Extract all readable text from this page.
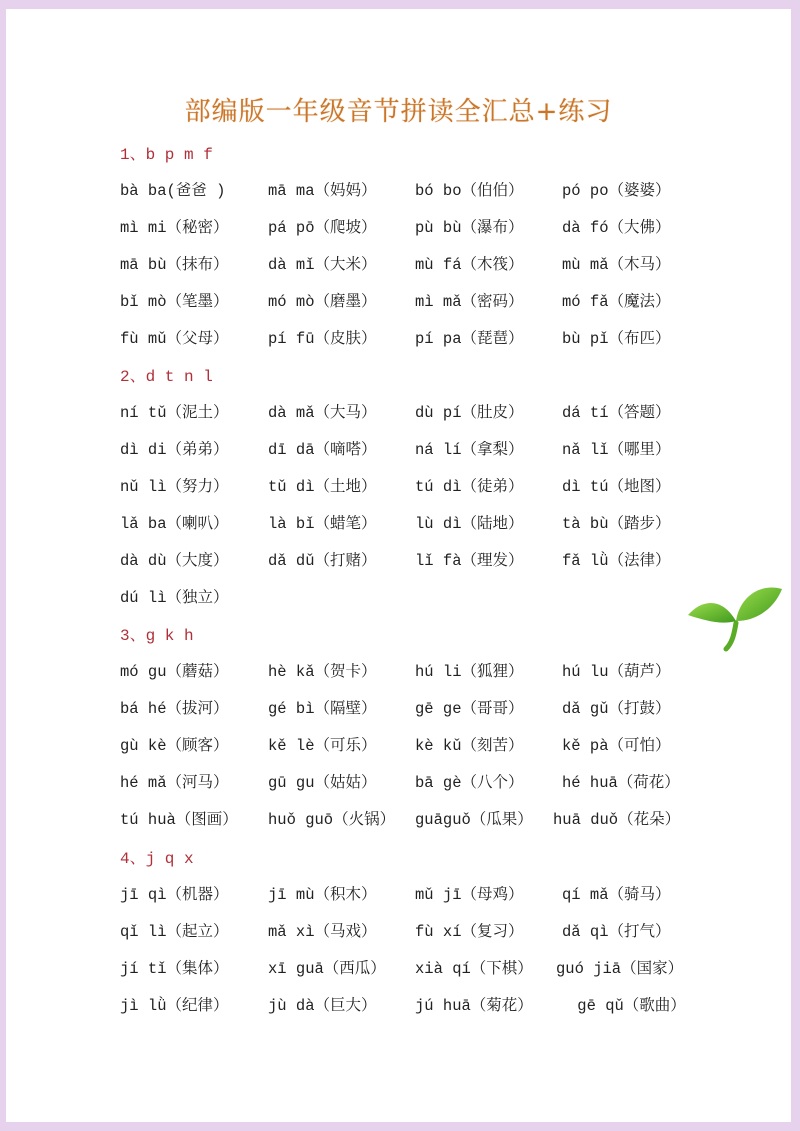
部编版一年级音节拼读全汇总+练习
1、b p m f
bà ba(爸爸 )	mā ma（妈妈） bó bo（伯伯） pó po（婆婆）
mì mi（秘密）	pá pō（爬坡） pù bù（瀑布） dà fó（大佛）
mā bù（抹布）	dà mǐ（大米） mù fá（木筏） mù mǎ（木马）
bǐ mò（笔墨）	mó mò（磨墨） mì mǎ（密码） mó fǎ（魔法）
fù mǔ（父母）	pí fū（皮肤） pí pa（琵琶） bù pǐ（布匹）
2、d t n l
ní tǔ（泥土）	dà mǎ（大马） dù pí（肚皮） dá tí（答题）
dì di（弟弟）	dī dā（嘀嗒） ná lí（拿梨） nǎ lǐ（哪里）
nǔ lì（努力）	tǔ dì（土地） tú dì（徒弟） dì tú（地图）
lǎ ba（喇叭）	là bǐ（蜡笔） lù dì（陆地） tà bù（踏步）
dà dù（大度）	dǎ dǔ（打赌） lǐ fà（理发） fǎ lǜ（法律）
dú lì（独立）
3、g k h
mó gu（蘑菇）	hè kǎ（贺卡） hú li（狐狸） hú lu（葫芦）
bá hé（拔河）	gé bì（隔壁） gē ge（哥哥） dǎ gǔ（打鼓）
gù kè（顾客）	kě lè（可乐） kè kǔ（刻苦） kě pà（可怕）
hé mǎ（河马）	gū gu（姑姑） bā gè（八个） hé huā（荷花）
tú huà（图画） huǒ guō（火锅） guāguǒ（瓜果） huā duǒ（花朵）
4、j q x
jī qì（机器）	jī mù（积木） mǔ jī（母鸡） qí mǎ（骑马）
qǐ lì（起立）	mǎ xì（马戏） fù xí（复习） dǎ qì（打气）
jí tǐ（集体）	xī guā（西瓜） xià qí（下棋） guó jiā（国家）
jì lǜ（纪律）	jù dà（巨大） jú huā（菊花） gē qǔ（歌曲）
